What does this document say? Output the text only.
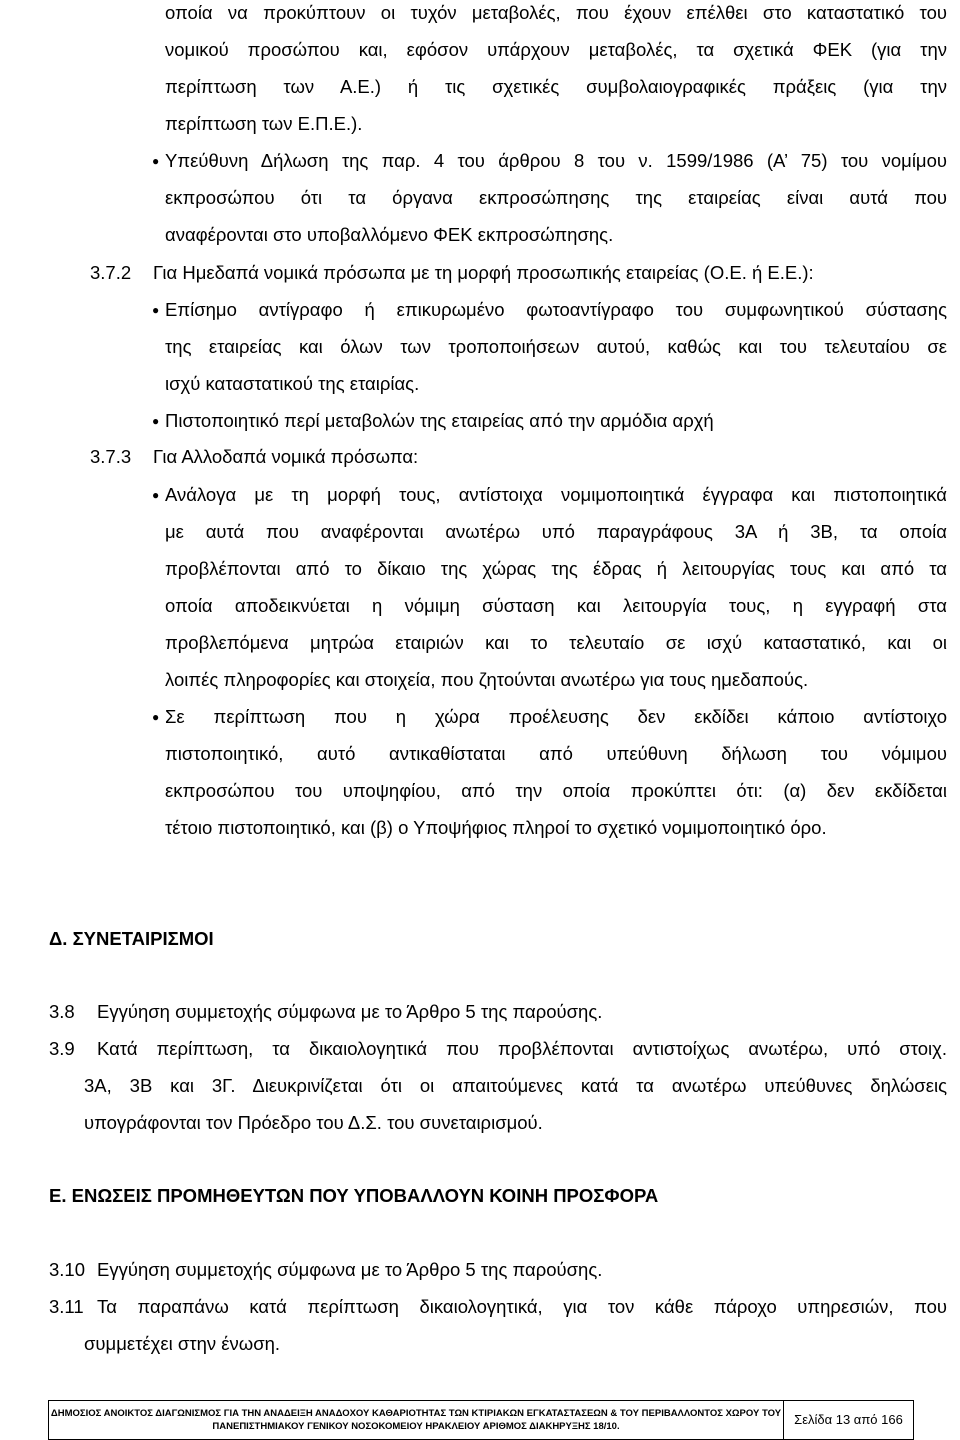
οποία να προκύπτουν οι τυχόν μεταβολές, που έχουν επέλθει στο καταστατικό του
νομικού προσώπου και, εφόσον υπάρχουν μεταβολές, τα σχετικά ΦΕΚ (για την
περίπτωση των Α.Ε.) ή τις σχετικές συμβολαιογραφικές πράξεις (για την
περίπτωση των Ε.Π.Ε.).
● Υπεύθυνη Δήλωση της παρ. 4 του άρθρου 8 του ν. 1599/1986 (Α’ 75) του νομίμου
εκπροσώπου ότι τα όργανα εκπροσώπησης της εταιρείας είναι αυτά που
αναφέρονται στο υποβαλλόμενο ΦΕΚ εκπροσώπησης.
3.7.2 Για Ημεδαπά νομικά πρόσωπα με τη μορφή προσωπικής εταιρείας (Ο.Ε. ή Ε.Ε.):
● Επίσημο αντίγραφο ή επικυρωμένο φωτοαντίγραφο του συμφωνητικού σύστασης
της εταιρείας και όλων των τροποποιήσεων αυτού, καθώς και του τελευταίου σε
ισχύ καταστατικού της εταιρίας.
● Πιστοποιητικό περί μεταβολών της εταιρείας από την αρμόδια αρχή
3.7.3 Για Αλλοδαπά νομικά πρόσωπα:
● Ανάλογα με τη μορφή τους, αντίστοιχα νομιμοποιητικά έγγραφα και πιστοποιητικά
με αυτά που αναφέρονται ανωτέρω υπό παραγράφους 3Α ή 3Β, τα οποία
προβλέπονται από το δίκαιο της χώρας της έδρας ή λειτουργίας τους και από τα
οποία αποδεικνύεται η νόμιμη σύσταση και λειτουργία τους, η εγγραφή στα
προβλεπόμενα μητρώα εταιριών και το τελευταίο σε ισχύ καταστατικό, και οι
λοιπές πληροφορίες και στοιχεία, που ζητούνται ανωτέρω για τους ημεδαπούς.
● Σε περίπτωση που η χώρα προέλευσης δεν εκδίδει κάποιο αντίστοιχο
πιστοποιητικό, αυτό αντικαθίσταται από υπεύθυνη δήλωση του νόμιμου
εκπροσώπου του υποψηφίου, από την οποία προκύπτει ότι: (α) δεν εκδίδεται
τέτοιο πιστοποιητικό, και (β) ο Υποψήφιος πληροί το σχετικό νομιμοποιητικό όρο.
Δ. ΣΥΝΕΤΑΙΡΙΣΜΟΙ
3.8 Εγγύηση συμμετοχής σύμφωνα με το Άρθρο 5 της παρούσης.
3.9 Κατά περίπτωση, τα δικαιολογητικά που προβλέπονται αντιστοίχως ανωτέρω, υπό στοιχ.
3Α, 3Β και 3Γ. Διευκρινίζεται ότι οι απαιτούμενες κατά τα ανωτέρω υπεύθυνες δηλώσεις
υπογράφονται τον Πρόεδρο του Δ.Σ. του συνεταιρισμού.
Ε. ΕΝΩΣΕΙΣ ΠΡΟΜΗΘΕΥΤΩΝ ΠΟΥ ΥΠΟΒΑΛΛΟΥΝ ΚΟΙΝΗ ΠΡΟΣΦΟΡΑ
3.10 Εγγύηση συμμετοχής σύμφωνα με το Άρθρο 5 της παρούσης.
3.11 Τα παραπάνω κατά περίπτωση δικαιολογητικά, για τον κάθε πάροχο υπηρεσιών, που
συμμετέχει στην ένωση.
ΔΗΜΟΣΙΟΣ ΑΝΟΙΚΤΟΣ ΔΙΑΓΩΝΙΣΜΟΣ ΓΙΑ ΤΗΝ ΑΝΑΔΕΙΞΗ ΑΝΑΔΟΧΟΥ ΚΑΘΑΡΙΟΤΗΤΑΣ ΤΩΝ ΚΤΙΡΙΑΚΩΝ ΕΓΚΑΤΑΣΤΑΣΕΩΝ & ΤΟΥ ΠΕΡΙΒΑΛΛΟΝΤΟΣ ΧΩΡΟΥ ΤΟΥ
ΠΑΝΕΠΙΣΤΗΜΙΑΚΟΥ ΓΕΝΙΚΟΥ ΝΟΣΟΚΟΜΕΙΟΥ ΗΡΑΚΛΕΙΟΥ ΑΡΙΘΜΟΣ ΔΙΑΚΗΡΥΞΗΣ 18/10.	Σελίδα 13 από 166
